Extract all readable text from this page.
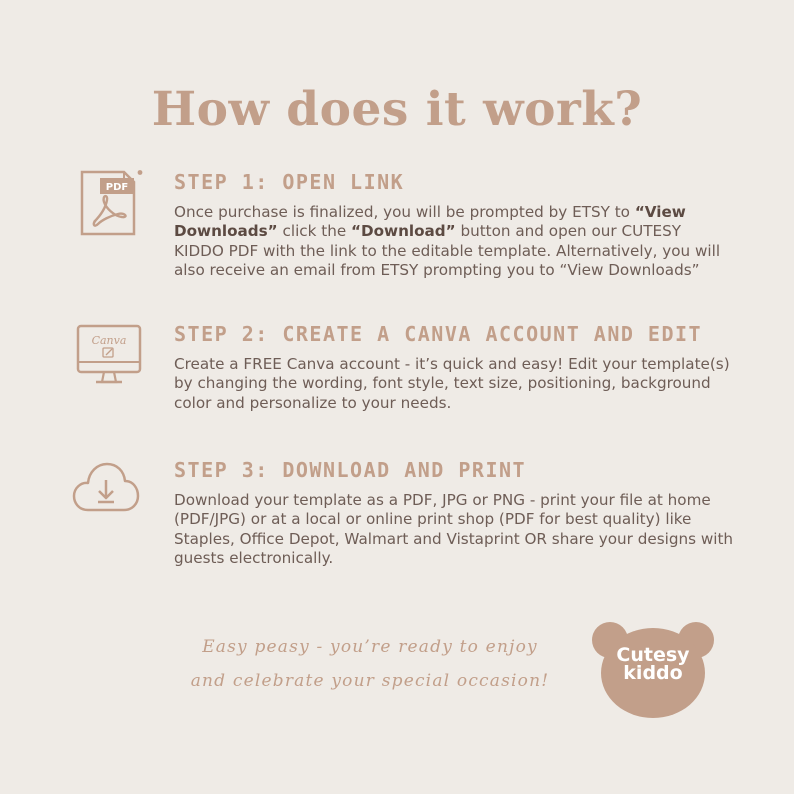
How does it work?
PDF STEP 1: OPEN LINK

Once purchase is finalized, you will be prompted by ETSY to “View Downloads” click the “Download” button and open our CUTESY KIDDO PDF with the link to the editable template. Alternatively, you will also receive an email from ETSY prompting you to “View Downloads”

Canva STEP 2: CREATE A CANVA ACCOUNT AND EDIT

Create a FREE Canva account - it’s quick and easy! Edit your template(s) by changing the wording, font style, text size, positioning, background color and personalize to your needs.

STEP 3: DOWNLOAD AND PRINT

Download your template as a PDF, JPG or PNG - print your file at home (PDF/JPG) or at a local or online print shop (PDF for best quality) like Staples, Office Depot, Walmart and Vistaprint OR share your designs with guests electronically.

Easy peasy - you’re ready to enjoy
and celebrate your special occasion!
Cutesy
kiddo
